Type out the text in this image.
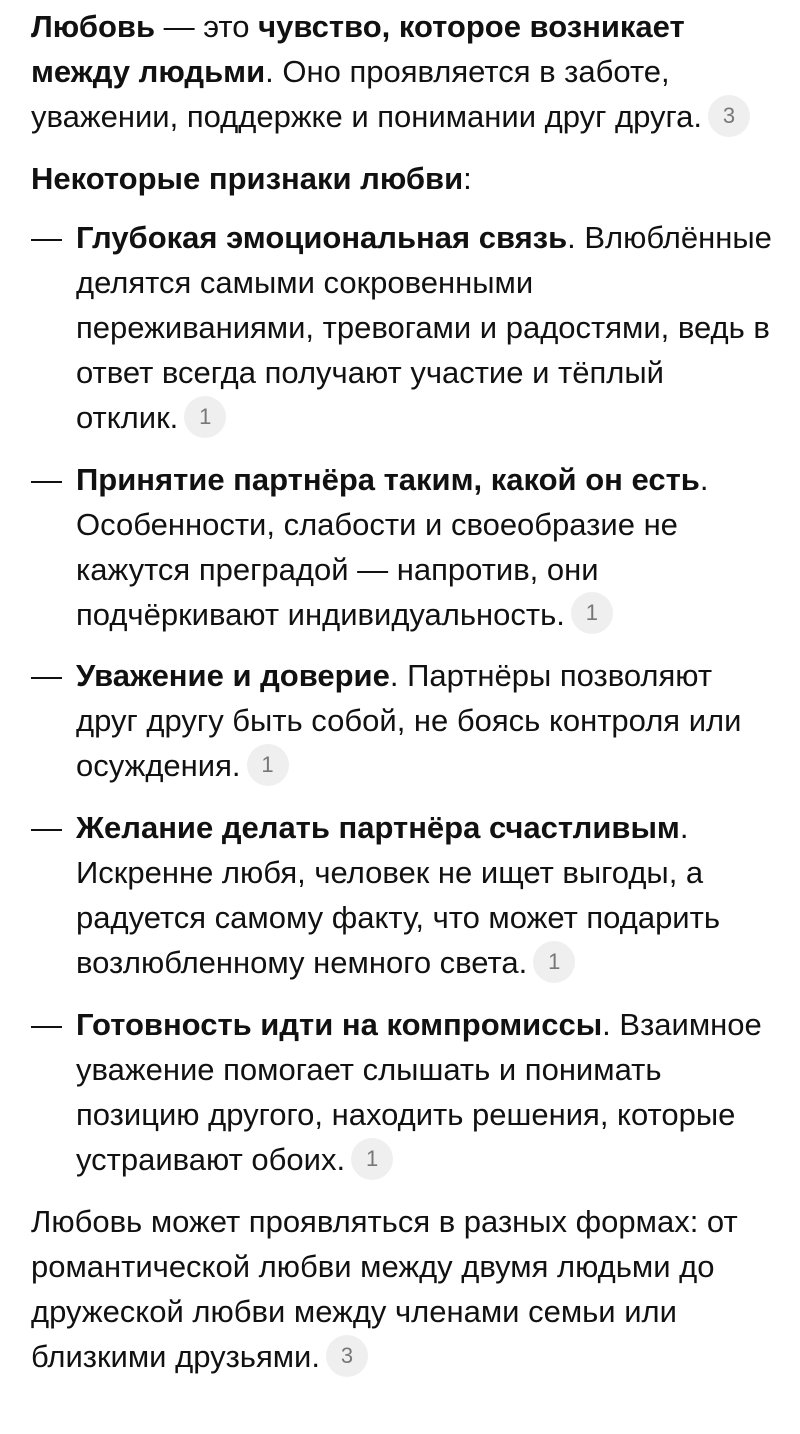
Любовь — это чувство, которое возникает между людьми. Оно проявляется в заботе, уважении, поддержке и понимании друг друга. 3

Некоторые признаки любви:

— Глубокая эмоциональная связь. Влюблённые делятся самыми сокровенными переживаниями, тревогами и радостями, ведь в ответ всегда получают участие и тёплый отклик. 1
— Принятие партнёра таким, какой он есть. Особенности, слабости и своеобразие не кажутся преградой — напротив, они подчёркивают индивидуальность. 1
— Уважение и доверие. Партнёры позволяют друг другу быть собой, не боясь контроля или осуждения. 1
— Желание делать партнёра счастливым. Искренне любя, человек не ищет выгоды, а радуется самому факту, что может подарить возлюбленному немного света. 1
— Готовность идти на компромиссы. Взаимное уважение помогает слышать и понимать позицию другого, находить решения, которые устраивают обоих. 1

Любовь может проявляться в разных формах: от романтической любви между двумя людьми до дружеской любви между членами семьи или близкими друзьями. 3
